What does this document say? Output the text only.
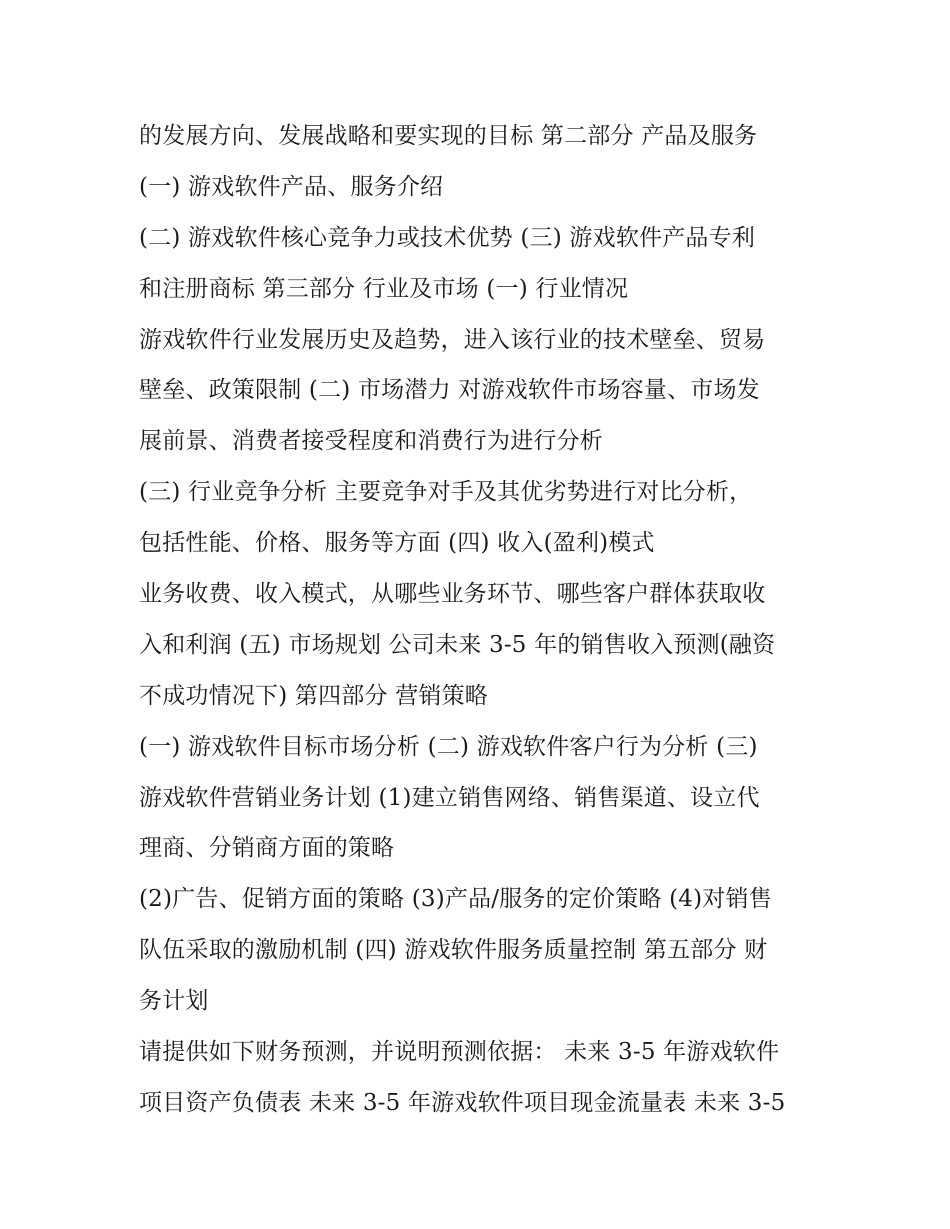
的发展方向、发展战略和要实现的目标 第二部分 产品及服务
(一) 游戏软件产品、服务介绍
(二) 游戏软件核心竞争力或技术优势 (三) 游戏软件产品专利
和注册商标 第三部分 行业及市场 (一) 行业情况
游戏软件行业发展历史及趋势，进入该行业的技术壁垒、贸易
壁垒、政策限制 (二) 市场潜力 对游戏软件市场容量、市场发
展前景、消费者接受程度和消费行为进行分析
(三) 行业竞争分析 主要竞争对手及其优劣势进行对比分析，
包括性能、价格、服务等方面 (四) 收入(盈利)模式
业务收费、收入模式，从哪些业务环节、哪些客户群体获取收
入和利润 (五) 市场规划 公司未来 3-5 年的销售收入预测(融资
不成功情况下) 第四部分 营销策略
(一) 游戏软件目标市场分析 (二) 游戏软件客户行为分析 (三)
游戏软件营销业务计划 (1)建立销售网络、销售渠道、设立代
理商、分销商方面的策略
(2)广告、促销方面的策略 (3)产品/服务的定价策略 (4)对销售
队伍采取的激励机制 (四) 游戏软件服务质量控制 第五部分 财
务计划
请提供如下财务预测，并说明预测依据： 未来 3-5 年游戏软件
项目资产负债表 未来 3-5 年游戏软件项目现金流量表 未来 3-5
